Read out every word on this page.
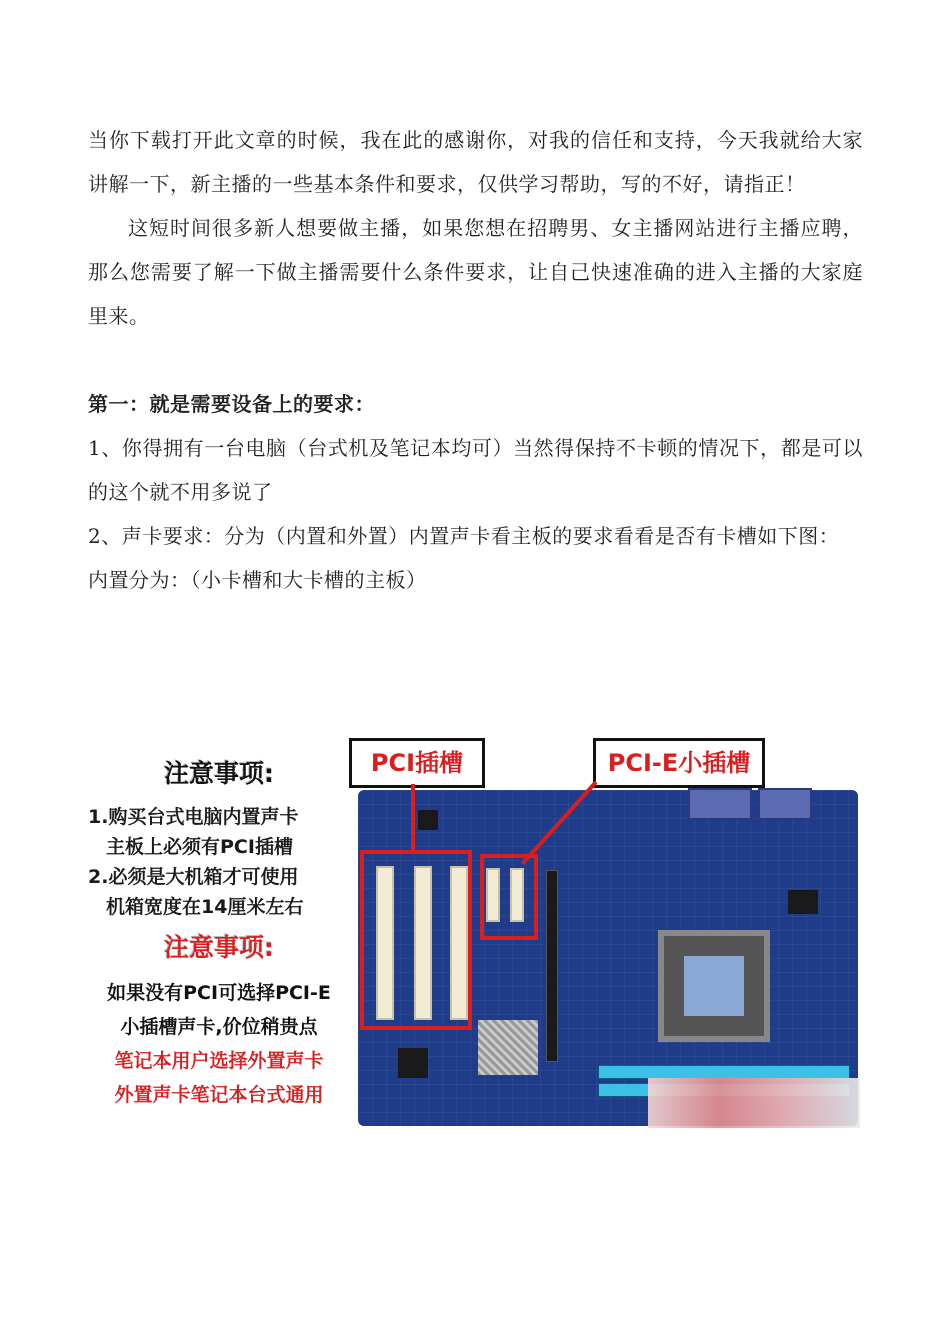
当你下载打开此文章的时候，我在此的感谢你，对我的信任和支持，今天我就给大家讲解一下，新主播的一些基本条件和要求，仅供学习帮助，写的不好，请指正！

这短时间很多新人想要做主播，如果您想在招聘男、女主播网站进行主播应聘，那么您需要了解一下做主播需要什么条件要求，让自己快速准确的进入主播的大家庭里来。

第一：就是需要设备上的要求：

1、你得拥有一台电脑（台式机及笔记本均可）当然得保持不卡顿的情况下，都是可以的这个就不用多说了

2、声卡要求：分为（内置和外置）内置声卡看主板的要求看看是否有卡槽如下图：

内置分为：（小卡槽和大卡槽的主板）

注意事项:
1.购买台式电脑内置声卡
主板上必须有PCI插槽
2.必须是大机箱才可使用
机箱宽度在14厘米左右
注意事项:
如果没有PCI可选择PCI-E
小插槽声卡,价位稍贵点
笔记本用户选择外置声卡
外置声卡笔记本台式通用
PCI插槽	PCI-E小插槽
